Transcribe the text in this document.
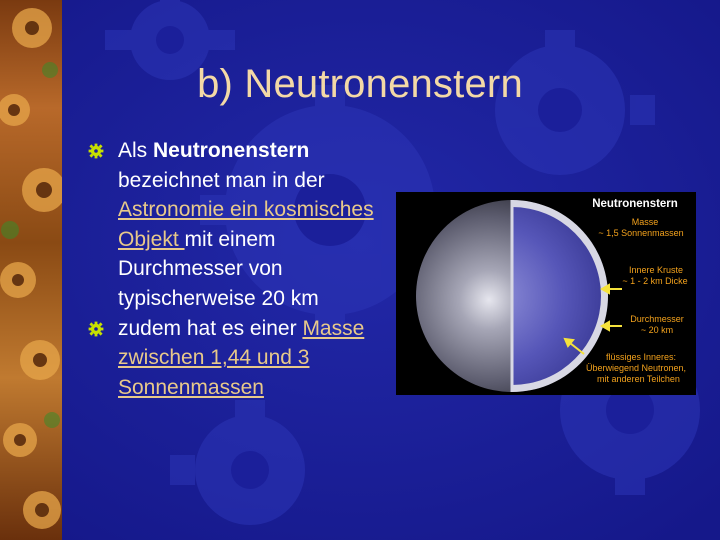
b) Neutronenstern
Als Neutronenstern bezeichnet man in der Astronomie ein kosmisches Objekt mit einem Durchmesser von typischerweise 20 km
zudem hat es einer Masse zwischen 1,44 und 3 Sonnenmassen
Neutronenstern
Masse
~ 1,5 Sonnenmassen
Innere Kruste
~ 1 - 2 km Dicke
Durchmesser
~ 20 km
flüssiges Inneres:
Überwiegend Neutronen,
mit anderen Teilchen
